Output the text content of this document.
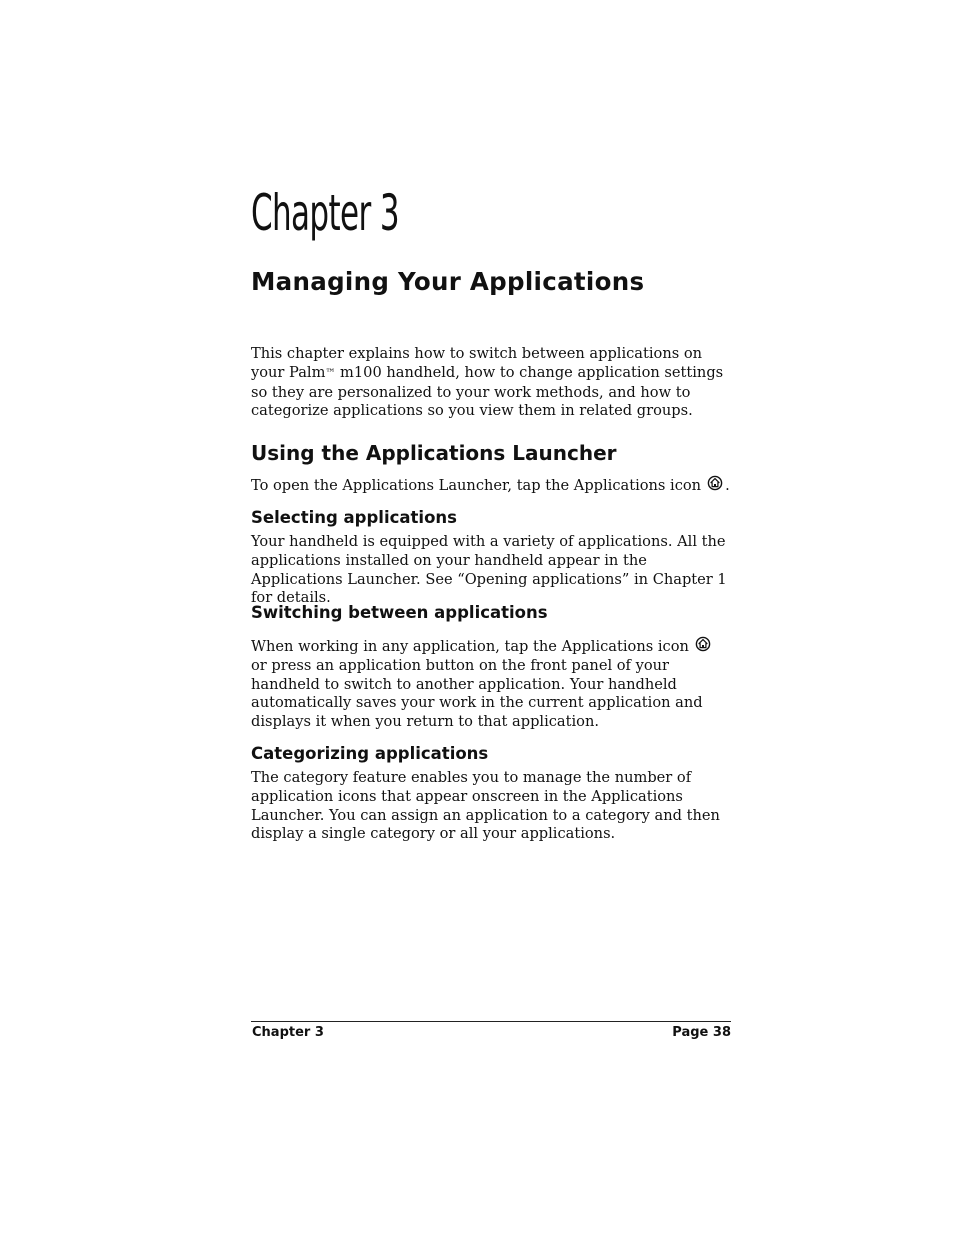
Chapter 3
Managing Your Applications

This chapter explains how to switch between applications on your Palm™ m100 handheld, how to change application settings so they are personalized to your work methods, and how to categorize applications so you view them in related groups.

Using the Applications Launcher

To open the Applications Launcher, tap the Applications icon .

Selecting applications

Your handheld is equipped with a variety of applications. All the applications installed on your handheld appear in the Applications Launcher. See “Opening applications” in Chapter 1 for details.

Switching between applications

When working in any application, tap the Applications icon or press an application button on the front panel of your handheld to switch to another application. Your handheld automatically saves your work in the current application and displays it when you return to that application.

Categorizing applications

The category feature enables you to manage the number of application icons that appear onscreen in the Applications Launcher. You can assign an application to a category and then display a single category or all your applications.

Chapter 3	Page 38
